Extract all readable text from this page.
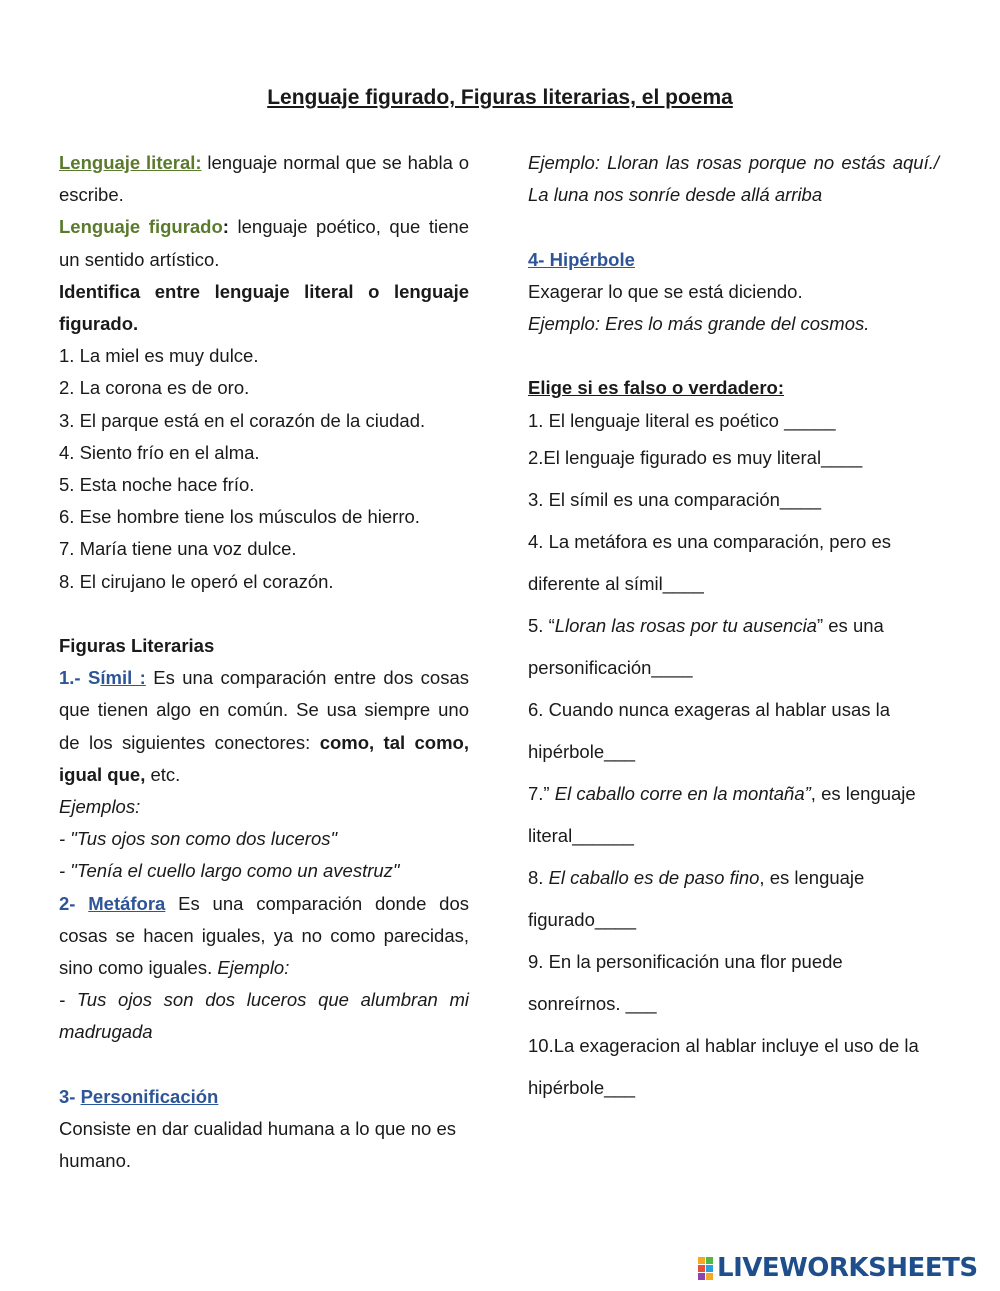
Lenguaje figurado, Figuras literarias, el poema

Lenguaje literal: lenguaje normal que se habla o escribe.

Lenguaje figurado: lenguaje poético, que tiene un sentido artístico.

Identifica entre lenguaje literal o lenguaje figurado.

1. La miel es muy dulce.

2. La corona es de oro.

3. El parque está en el corazón de la ciudad.

4. Siento frío en el alma.

5. Esta noche hace frío.

6. Ese hombre tiene los músculos de hierro.

7. María tiene una voz dulce.

8. El cirujano le operó el corazón.

Figuras Literarias

1.- Símil : Es una comparación entre dos cosas que tienen algo en común. Se usa siempre uno de los siguientes conectores: como, tal como, igual que, etc.

Ejemplos:

- "Tus ojos son como dos luceros"

- "Tenía el cuello largo como un avestruz"

2- Metáfora Es una comparación donde dos cosas se hacen iguales, ya no como parecidas, sino como iguales. Ejemplo:

- Tus ojos son dos luceros que alumbran mi madrugada

3- Personificación

Consiste en dar cualidad humana a lo que no es humano.

Ejemplo: Lloran las rosas porque no estás aquí./ La luna nos sonríe desde allá arriba

4- Hipérbole

Exagerar lo que se está diciendo.

Ejemplo: Eres lo más grande del cosmos.

Elige si es falso o verdadero:

1. El lenguaje literal es poético _____

2.El lenguaje figurado es muy literal____

3. El símil es una comparación____

4. La metáfora es una comparación, pero es diferente al símil____

5. “Lloran las rosas por tu ausencia” es una personificación____

6. Cuando nunca exageras al hablar usas la hipérbole___

7.” El caballo corre en la montaña”, es lenguaje literal______

8. El caballo es de paso fino, es lenguaje figurado____

9. En la personificación una flor puede sonreírnos. ___

10.La exageracion al hablar incluye el uso de la hipérbole___

LIVEWORKSHEETS
